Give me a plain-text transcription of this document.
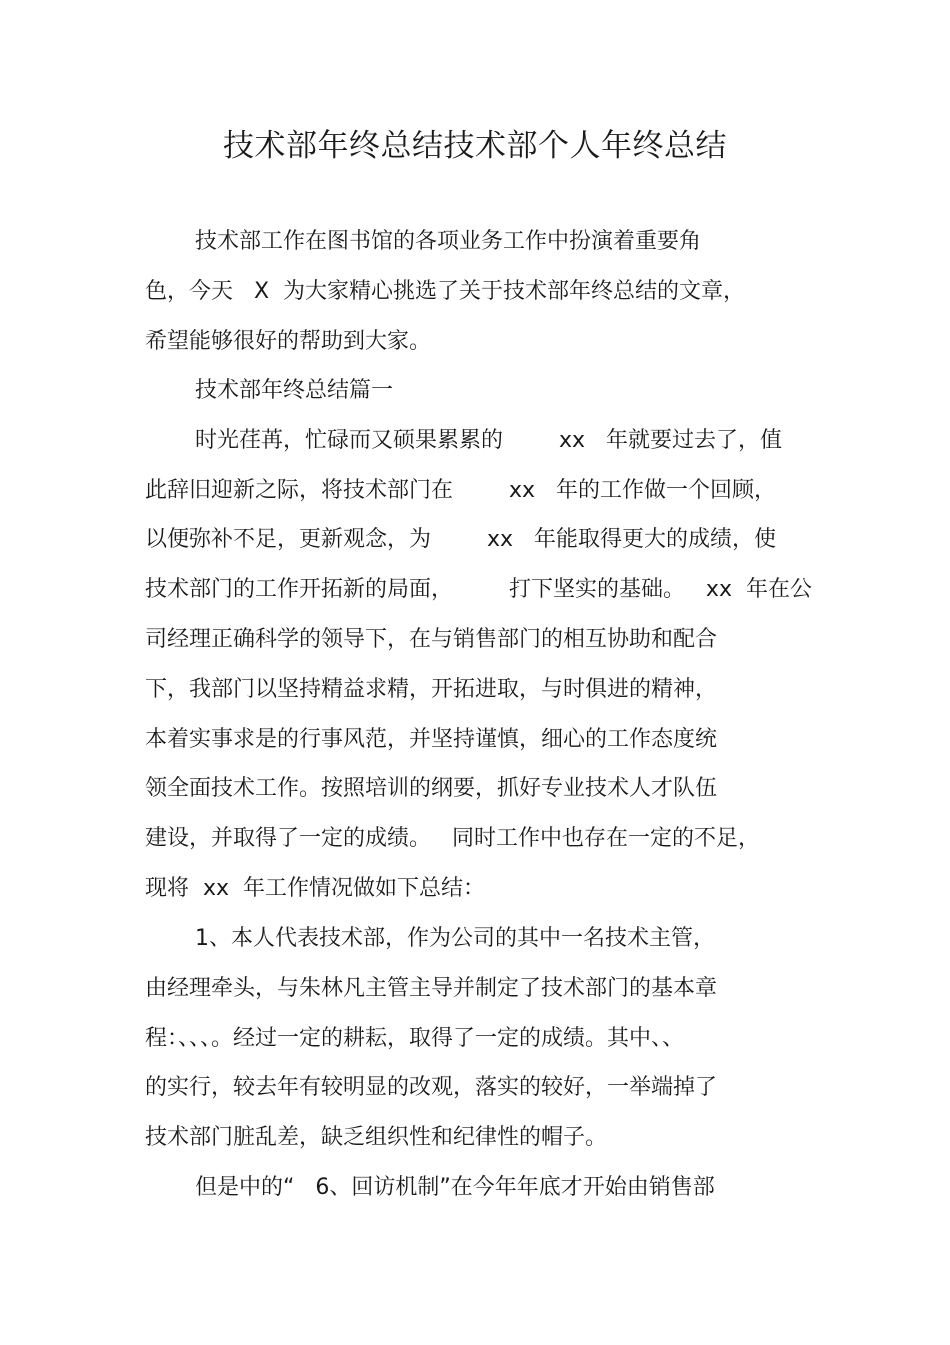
技术部年终总结技术部个人年终总结

技术部工作在图书馆的各项业务工作中扮演着重要角

色，今天   X  为大家精心挑选了关于技术部年终总结的文章，

希望能够很好的帮助到大家。

技术部年终总结篇一

时光荏苒，忙碌而又硕果累累的        xx   年就要过去了，值

此辞旧迎新之际，将技术部门在        xx   年的工作做一个回顾，

以便弥补不足，更新观念，为        xx   年能取得更大的成绩，使

技术部门的工作开拓新的局面，        打下坚实的基础。   xx  年在公

司经理正确科学的领导下，在与销售部门的相互协助和配合

下，我部门以坚持精益求精，开拓进取，与时俱进的精神，

本着实事求是的行事风范，并坚持谨慎，细心的工作态度统

领全面技术工作。按照培训的纲要，抓好专业技术人才队伍

建设，并取得了一定的成绩。   同时工作中也存在一定的不足，

现将  xx  年工作情况做如下总结：

1、本人代表技术部，作为公司的其中一名技术主管，

由经理牵头，与朱林凡主管主导并制定了技术部门的基本章

程：、、、。经过一定的耕耘，取得了一定的成绩。其中、、

的实行，较去年有较明显的改观，落实的较好，一举端掉了

技术部门脏乱差，缺乏组织性和纪律性的帽子。

但是中的“   6、回访机制”在今年年底才开始由销售部
